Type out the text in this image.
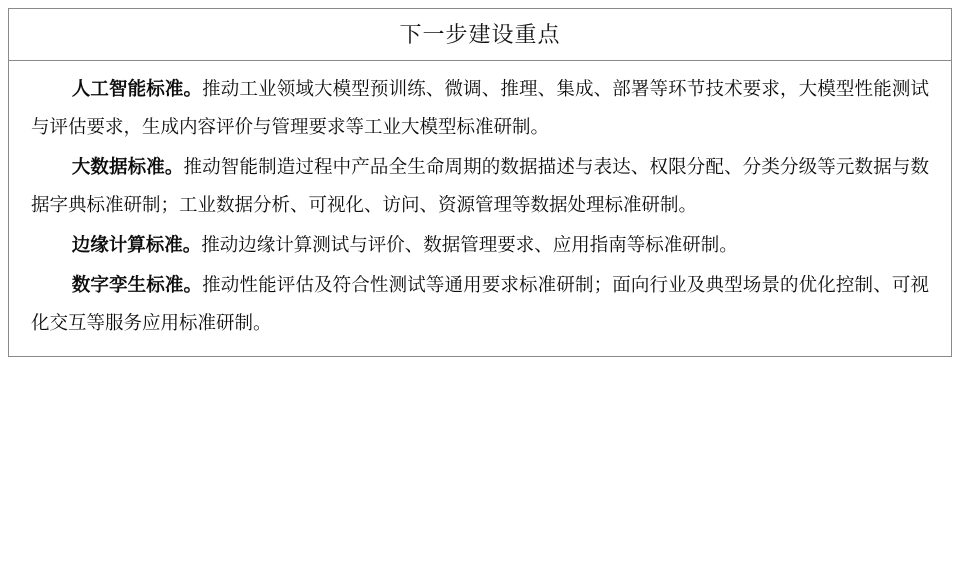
下一步建设重点

人工智能标准。推动工业领域大模型预训练、微调、推理、集成、部署等环节技术要求，大模型性能测试与评估要求，生成内容评价与管理要求等工业大模型标准研制。

大数据标准。推动智能制造过程中产品全生命周期的数据描述与表达、权限分配、分类分级等元数据与数据字典标准研制；工业数据分析、可视化、访问、资源管理等数据处理标准研制。

边缘计算标准。推动边缘计算测试与评价、数据管理要求、应用指南等标准研制。

数字孪生标准。推动性能评估及符合性测试等通用要求标准研制；面向行业及典型场景的优化控制、可视化交互等服务应用标准研制。
